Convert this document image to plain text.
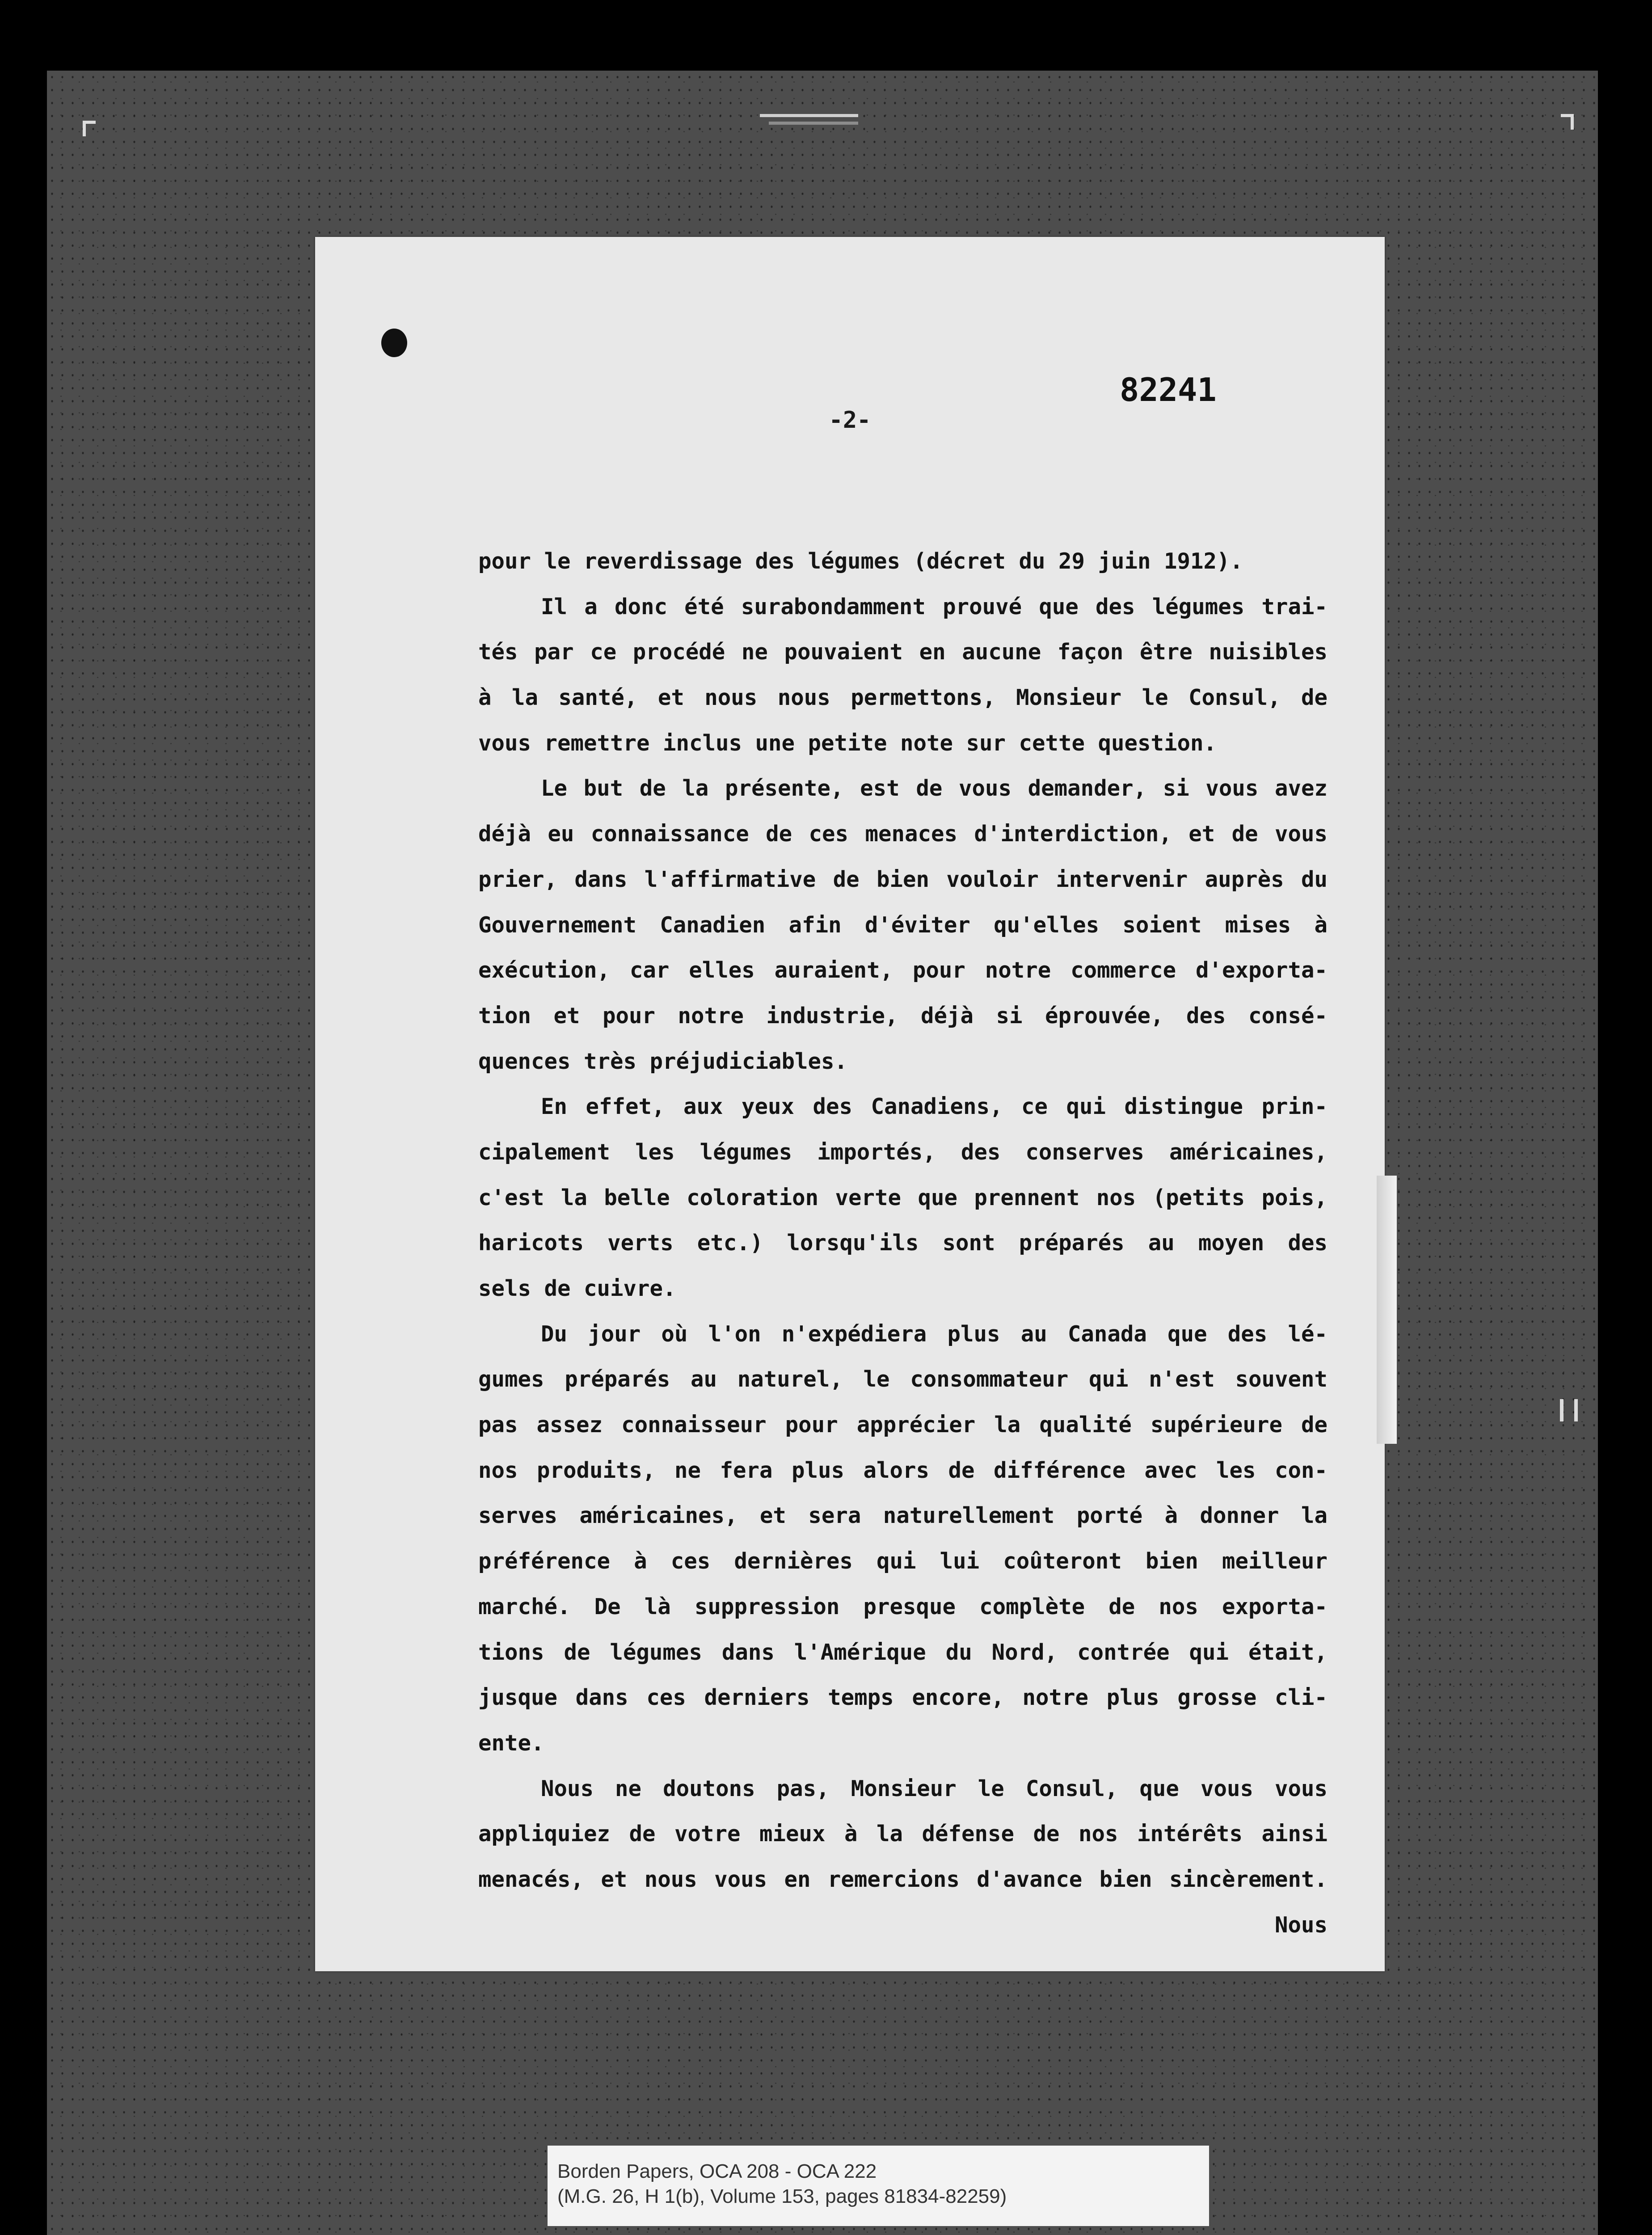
82241
-2-
pour le reverdissage des légumes (décret du 29 juin 1912).
Il a donc été surabondamment prouvé que des légumes trai-
tés par ce procédé ne pouvaient en aucune façon être nuisibles
à la santé, et nous nous permettons, Monsieur le Consul, de
vous remettre inclus une petite note sur cette question.
Le but de la présente, est de vous demander, si vous avez
déjà eu connaissance de ces menaces d'interdiction, et de vous
prier, dans l'affirmative de bien vouloir intervenir auprès du
Gouvernement Canadien afin d'éviter qu'elles soient mises à
exécution, car elles auraient, pour notre commerce d'exporta-
tion et pour notre industrie, déjà si éprouvée, des consé-
quences très préjudiciables.
En effet, aux yeux des Canadiens, ce qui distingue prin-
cipalement les légumes importés, des conserves américaines,
c'est la belle coloration verte que prennent nos (petits pois,
haricots verts etc.) lorsqu'ils sont préparés au moyen des
sels de cuivre.
Du jour où l'on n'expédiera plus au Canada que des lé-
gumes préparés au naturel, le consommateur qui n'est souvent
pas assez connaisseur pour apprécier la qualité supérieure de
nos produits, ne fera plus alors de différence avec les con-
serves américaines, et sera naturellement porté à donner la
préférence à ces dernières qui lui coûteront bien meilleur
marché. De là suppression presque complète de nos exporta-
tions de légumes dans l'Amérique du Nord, contrée qui était,
jusque dans ces derniers temps encore, notre plus grosse cli-
ente.
Nous ne doutons pas, Monsieur le Consul, que vous vous
appliquiez de votre mieux à la défense de nos intérêts ainsi
menacés, et nous vous en remercions d'avance bien sincèrement.
Nous
Borden Papers, OCA 208 - OCA 222
(M.G. 26, H 1(b), Volume 153, pages 81834-82259)
